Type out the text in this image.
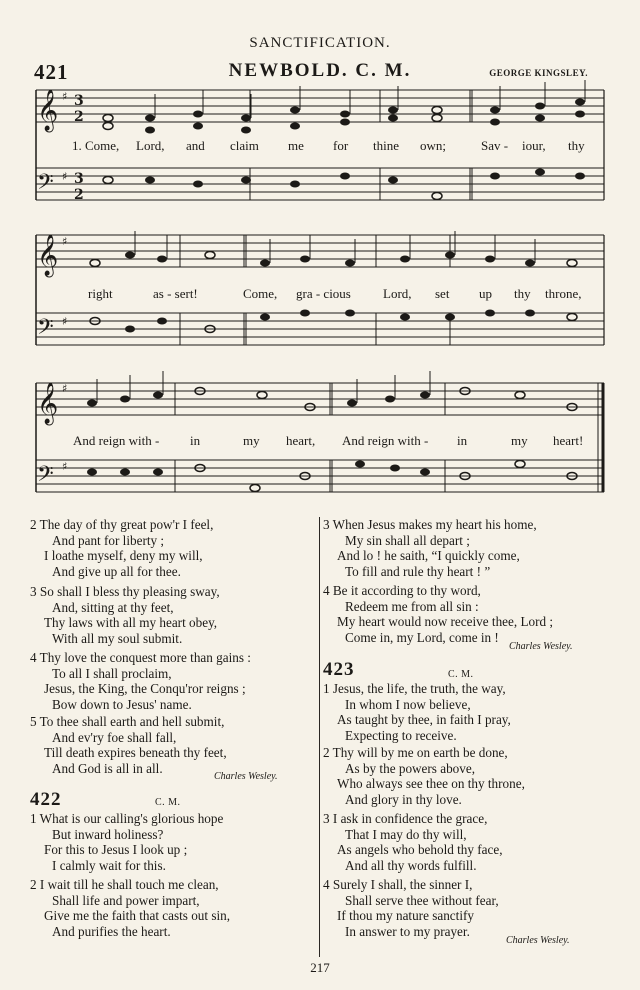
SANCTIFICATION.
421	NEWBOLD. C. M.	GEORGE KINGSLEY.
𝄞
𝄢
𝄞
𝄢
𝄞
𝄢
♯
♯
♯
♯
♯
♯
3
2
3
2
1. Come, Lord, and claim me for thine own;	Sav - iour, thy
right	as - sert!	Come, gra - cious Lord, set up thy throne,
And reign with - in	my heart, And reign with - in	my heart!
2 The day of thy great pow'r I feel,
And pant for liberty ;
I loathe myself, deny my will,
And give up all for thee.
3 So shall I bless thy pleasing sway,
And, sitting at thy feet,
Thy laws with all my heart obey,
With all my soul submit.
4 Thy love the conquest more than gains :
To all I shall proclaim,
Jesus, the King, the Conqu'ror reigns ;
Bow down to Jesus' name.
5 To thee shall earth and hell submit,
And ev'ry foe shall fall,
Till death expires beneath thy feet,
And God is all in all.
Charles Wesley.
422	C. M.
1 What is our calling's glorious hope
But inward holiness?
For this to Jesus I look up ;
I calmly wait for this.
2 I wait till he shall touch me clean,
Shall life and power impart,
Give me the faith that casts out sin,
And purifies the heart.
3 When Jesus makes my heart his home,
My sin shall all depart ;
And lo ! he saith, “I quickly come,
To fill and rule thy heart ! ”
4 Be it according to thy word,
Redeem me from all sin :
My heart would now receive thee, Lord ;
Come in, my Lord, come in !
Charles Wesley.
423	C. M.
1 Jesus, the life, the truth, the way,
In whom I now believe,
As taught by thee, in faith I pray,
Expecting to receive.
2 Thy will by me on earth be done,
As by the powers above,
Who always see thee on thy throne,
And glory in thy love.
3 I ask in confidence the grace,
That I may do thy will,
As angels who behold thy face,
And all thy words fulfill.
4 Surely I shall, the sinner I,
Shall serve thee without fear,
If thou my nature sanctify
In answer to my prayer.
Charles Wesley.
217
